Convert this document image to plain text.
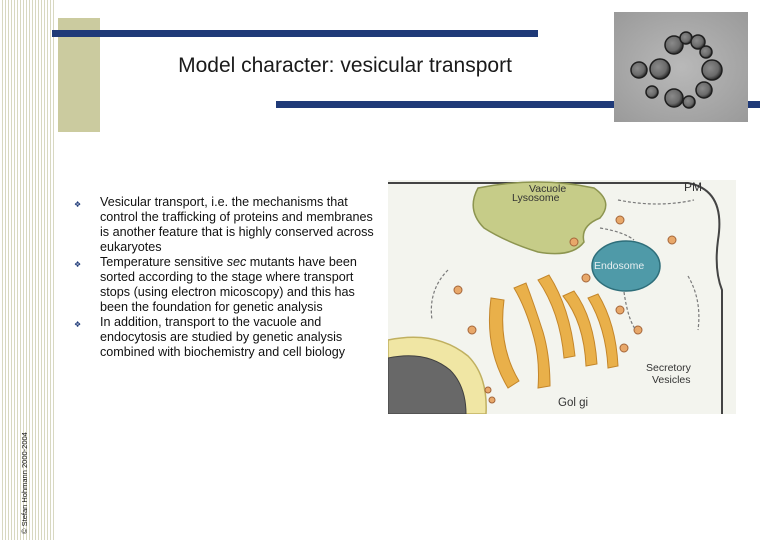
Model character: vesicular transport
© Stefan Hohmann 2000-2004
❖ Vesicular transport, i.e. the mechanisms that control the trafficking of proteins and membranes is another feature that is highly conserved across eukaryotes
❖ Temperature sensitive sec mutants have been sorted according to the stage where transport stops (using electron micoscopy) and this has been the foundation for genetic analysis
❖ In addition, transport to the vacuole and endocytosis are studied by genetic analysis combined with biochemistry and cell biology
Vacuole
Lysosome
PM
Endosome
Secretory
Vesicles
Gol gi
